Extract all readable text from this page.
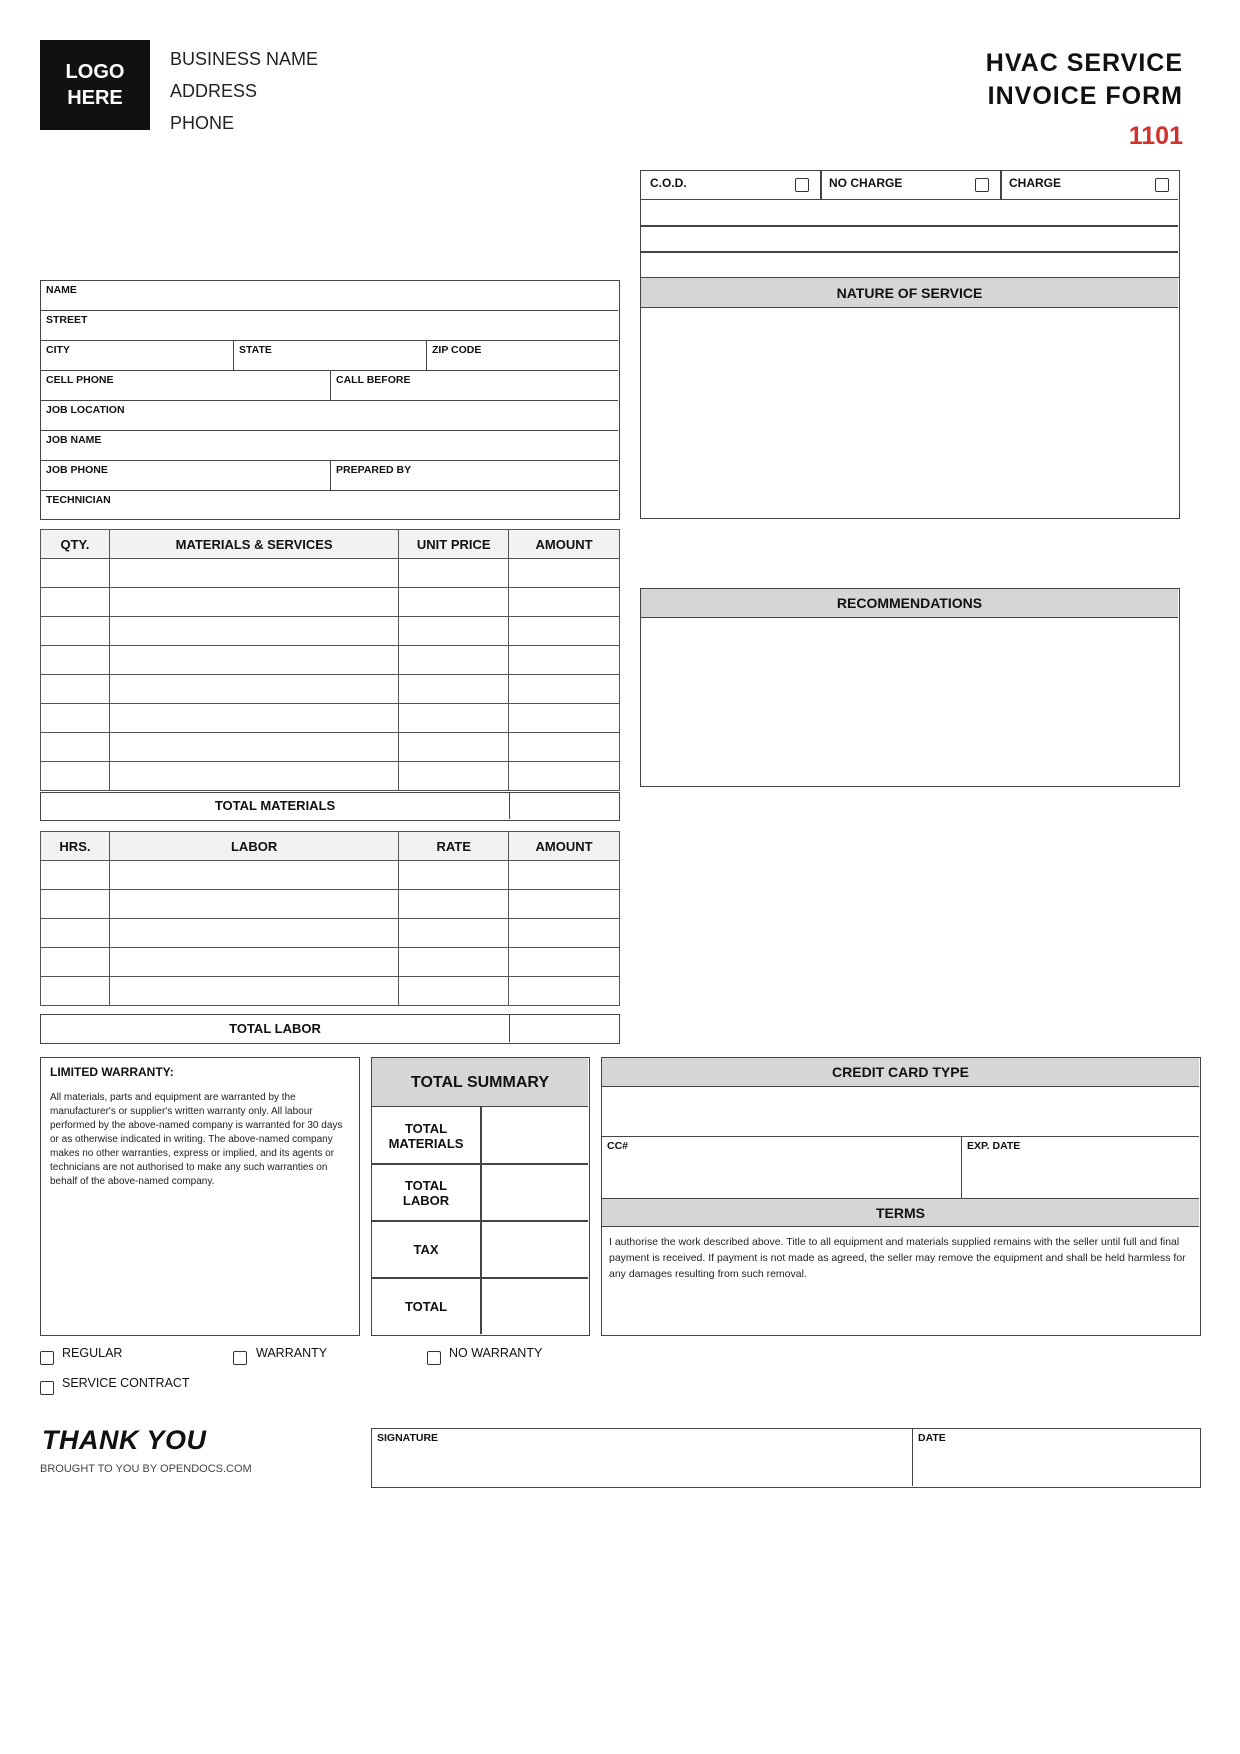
LOGO
HERE
BUSINESS NAME
ADDRESS
PHONE
HVAC SERVICE
INVOICE FORM
1101
C.O.D.	NO CHARGE	CHARGE
NATURE OF SERVICE
RECOMMENDATIONS
NAME
STREET
CITY	STATE	ZIP CODE
CELL PHONE	CALL BEFORE
JOB LOCATION
JOB NAME
JOB PHONE	PREPARED BY
TECHNICIAN
QTY.	MATERIALS & SERVICES	UNIT PRICE	AMOUNT

TOTAL MATERIALS
HRS.	LABOR	RATE	AMOUNT

TOTAL LABOR
LIMITED WARRANTY:
All materials, parts and equipment are warranted by the manufacturer's or supplier's written warranty only. All labour performed by the above-named company is warranted for 30 days or as otherwise indicated in writing. The above-named company makes no other warranties, express or implied, and its agents or technicians are not authorised to make any such warranties on behalf of the above-named company.
TOTAL SUMMARY
TOTAL
MATERIALS
TOTAL
LABOR
TAX
TOTAL
CREDIT CARD TYPE
CC#	EXP. DATE
TERMS
I authorise the work described above. Title to all equipment and materials supplied remains with the seller until full and final payment is received. If payment is not made as agreed, the seller may remove the equipment and shall be held harmless for any damages resulting from such removal.
REGULAR	WARRANTY	NO WARRANTY
SERVICE CONTRACT
THANK YOU
BROUGHT TO YOU BY OPENDOCS.COM
SIGNATURE	DATE
